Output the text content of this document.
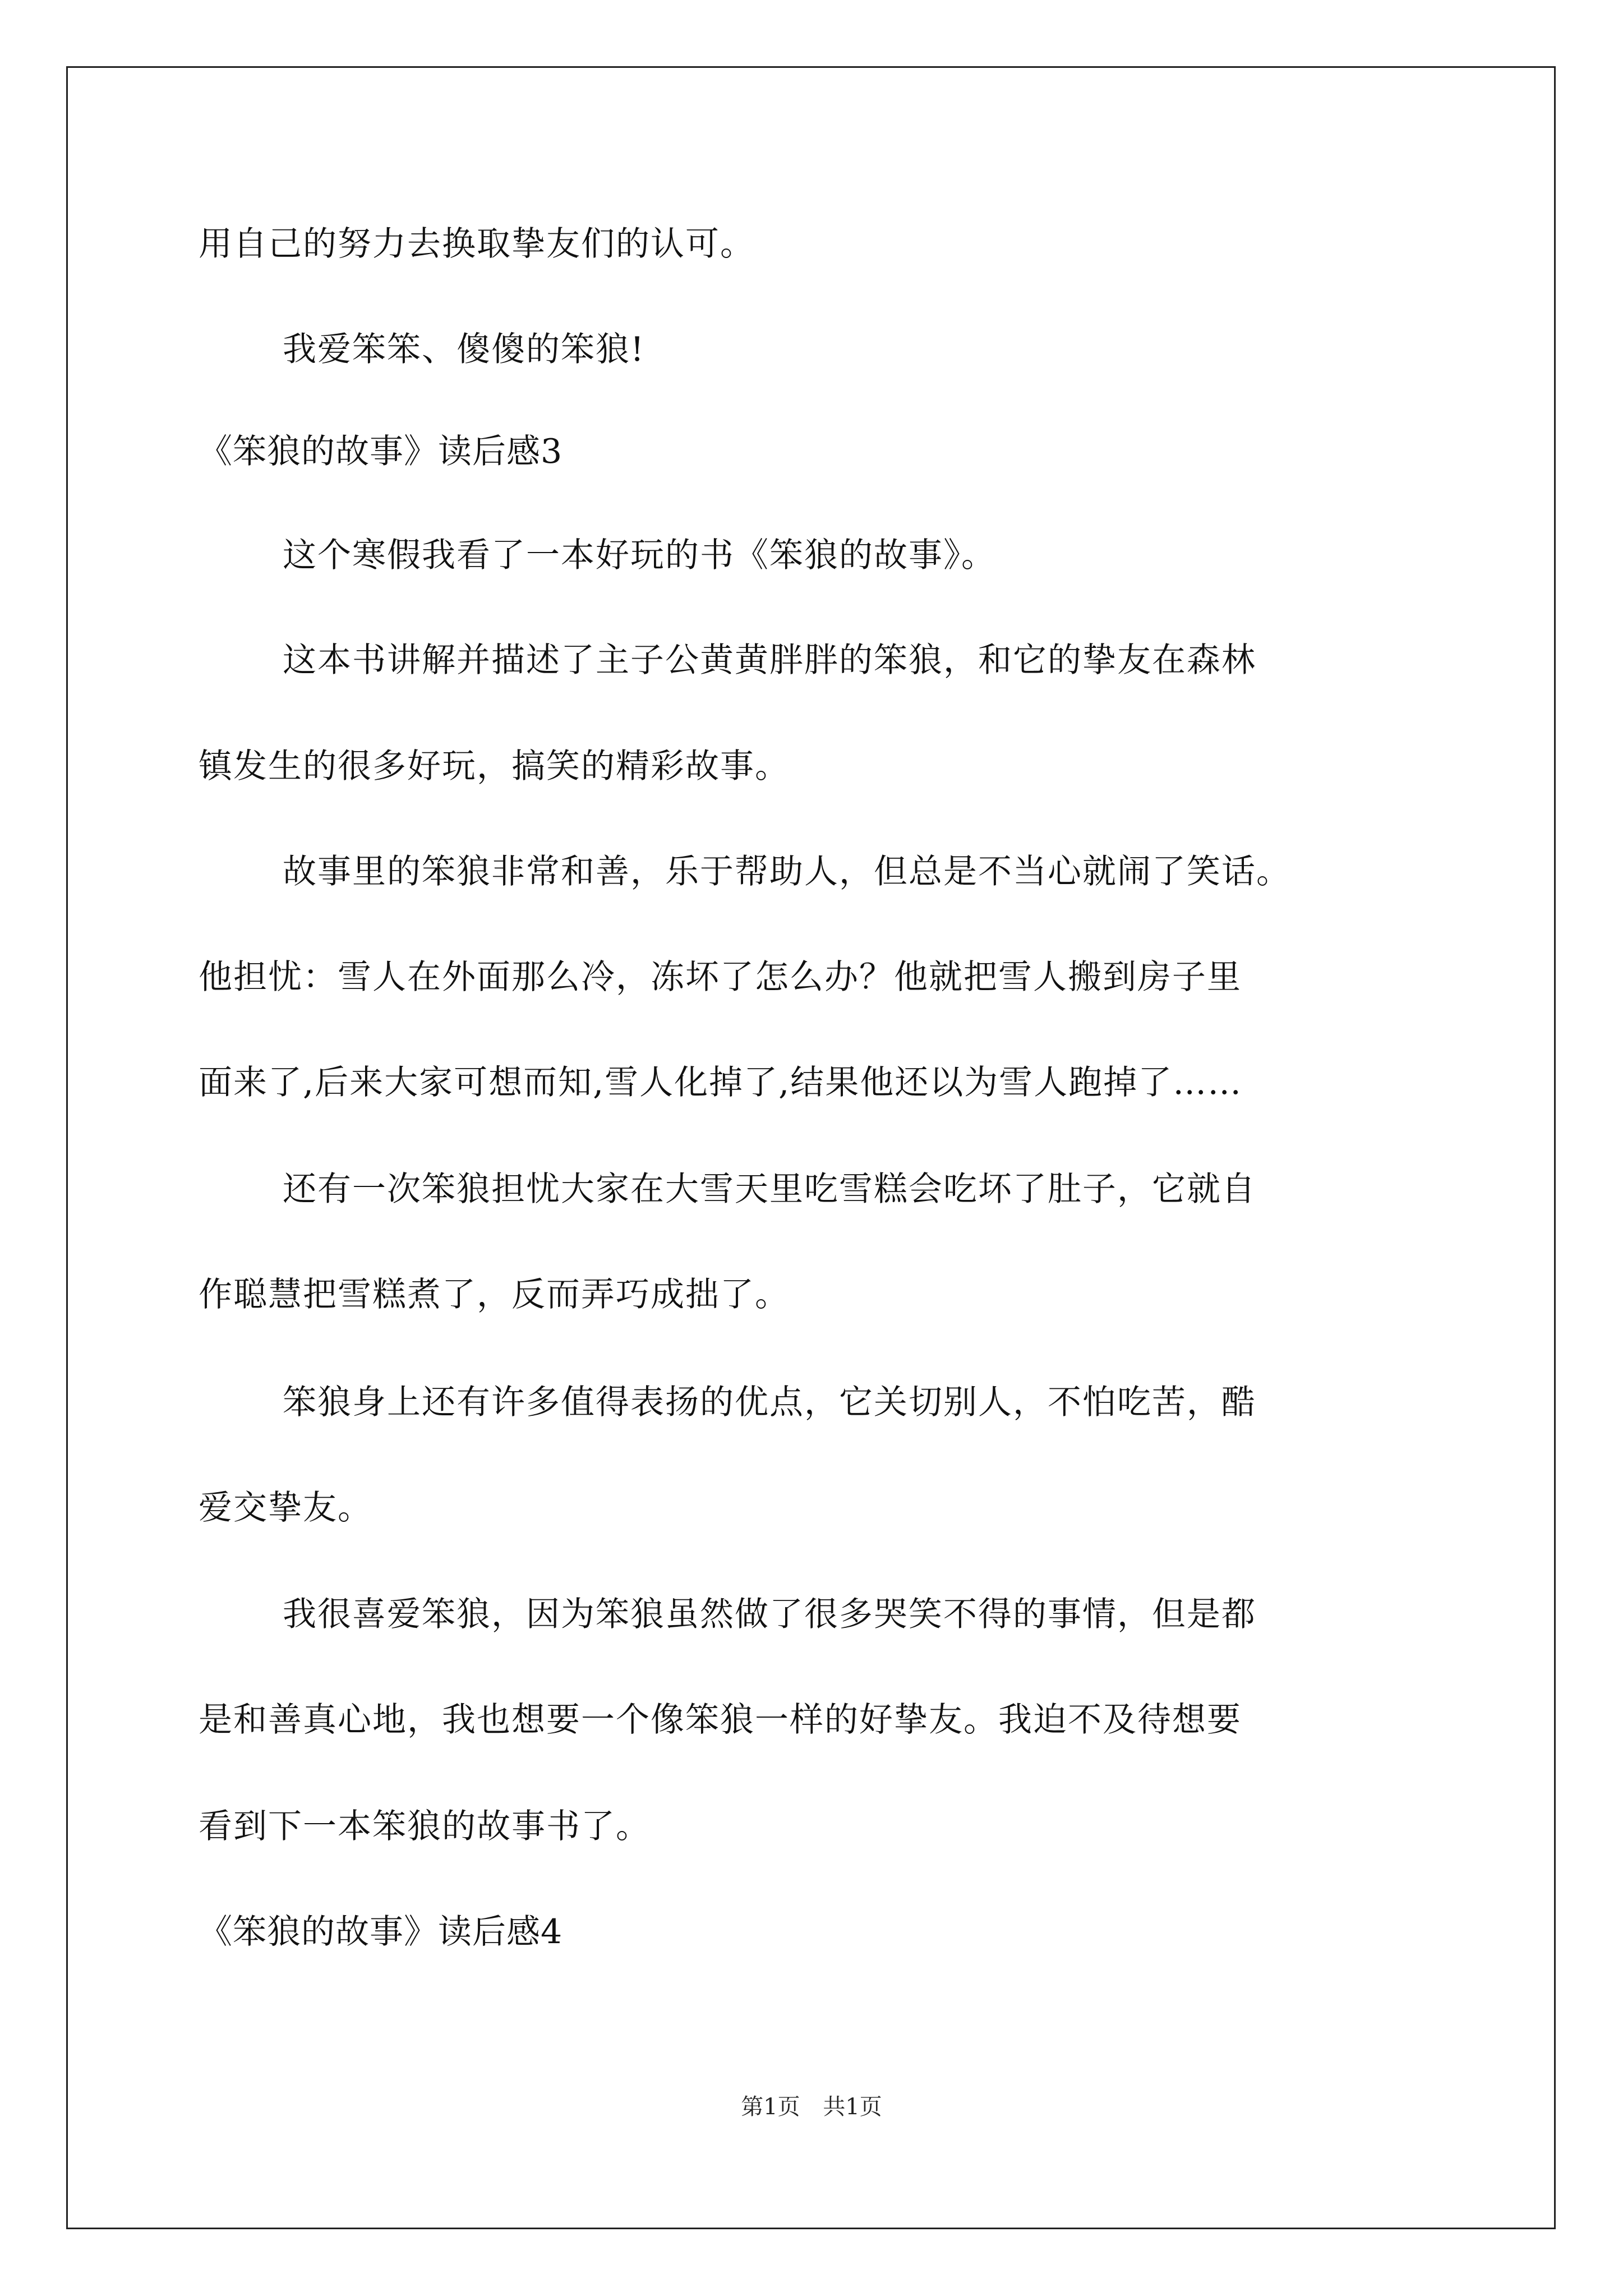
用自己的努力去换取挚友们的认可。
我爱笨笨、傻傻的笨狼!
《笨狼的故事》读后感3
这个寒假我看了一本好玩的书《笨狼的故事》。
这本书讲解并描述了主子公黄黄胖胖的笨狼，和它的挚友在森林
镇发生的很多好玩，搞笑的精彩故事。
故事里的笨狼非常和善，乐于帮助人，但总是不当心就闹了笑话。
他担忧：雪人在外面那么冷，冻坏了怎么办？他就把雪人搬到房子里
面来了,后来大家可想而知,雪人化掉了,结果他还以为雪人跑掉了……
还有一次笨狼担忧大家在大雪天里吃雪糕会吃坏了肚子，它就自
作聪慧把雪糕煮了，反而弄巧成拙了。
笨狼身上还有许多值得表扬的优点，它关切别人，不怕吃苦，酷
爱交挚友。
我很喜爱笨狼，因为笨狼虽然做了很多哭笑不得的事情，但是都
是和善真心地，我也想要一个像笨狼一样的好挚友。我迫不及待想要
看到下一本笨狼的故事书了。
《笨狼的故事》读后感4
第1页 共1页
